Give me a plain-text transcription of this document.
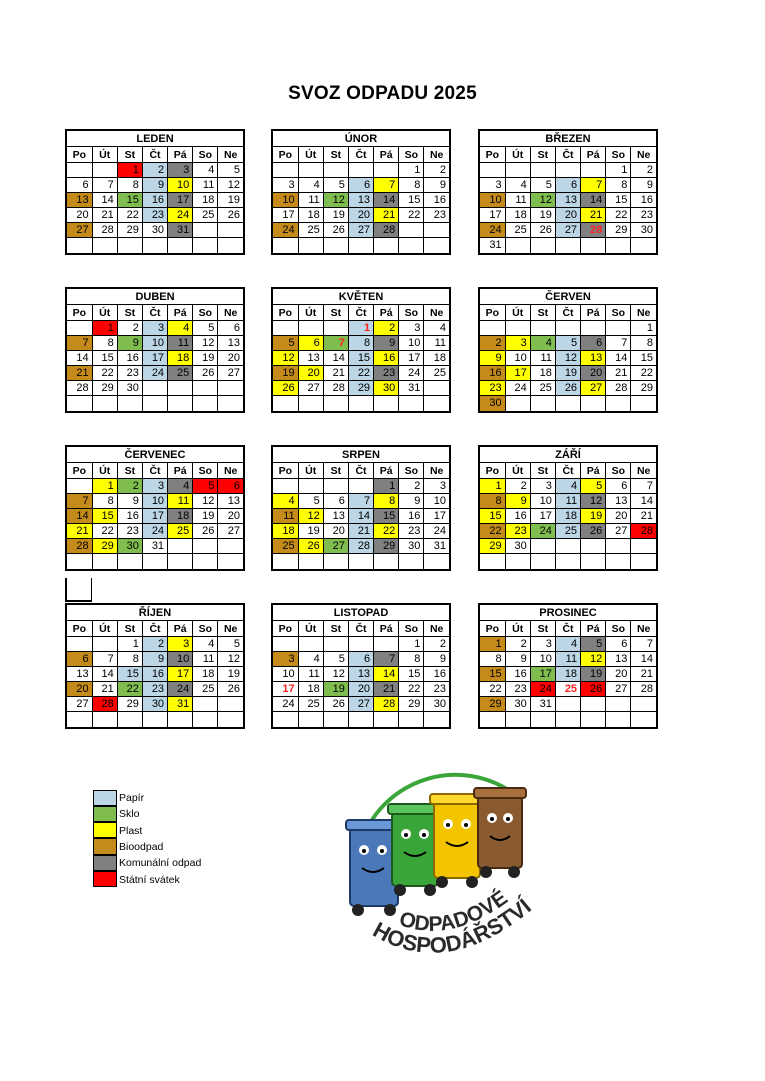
SVOZ ODPADU 2025
LEDEN
Po	Út	St	Čt	Pá	So	Ne
		1	2	3	4	5
6	7	8	9	10	11	12
13	14	15	16	17	18	19
20	21	22	23	24	25	26
27	28	29	30	31		

ÚNOR
Po	Út	St	Čt	Pá	So	Ne
					1	2
3	4	5	6	7	8	9
10	11	12	13	14	15	16
17	18	19	20	21	22	23
24	25	26	27	28		

BŘEZEN
Po	Út	St	Čt	Pá	So	Ne
					1	2
3	4	5	6	7	8	9
10	11	12	13	14	15	16
17	18	19	20	21	22	23
24	25	26	27	28	29	30
31						
DUBEN
Po	Út	St	Čt	Pá	So	Ne
	1	2	3	4	5	6
7	8	9	10	11	12	13
14	15	16	17	18	19	20
21	22	23	24	25	26	27
28	29	30				

KVĚTEN
Po	Út	St	Čt	Pá	So	Ne
			1	2	3	4
5	6	7	8	9	10	11
12	13	14	15	16	17	18
19	20	21	22	23	24	25
26	27	28	29	30	31	

ČERVEN
Po	Út	St	Čt	Pá	So	Ne
						1
2	3	4	5	6	7	8
9	10	11	12	13	14	15
16	17	18	19	20	21	22
23	24	25	26	27	28	29
30						
ČERVENEC
Po	Út	St	Čt	Pá	So	Ne
	1	2	3	4	5	6
7	8	9	10	11	12	13
14	15	16	17	18	19	20
21	22	23	24	25	26	27
28	29	30	31			

SRPEN
Po	Út	St	Čt	Pá	So	Ne
				1	2	3
4	5	6	7	8	9	10
11	12	13	14	15	16	17
18	19	20	21	22	23	24
25	26	27	28	29	30	31

ZÁŘÍ
Po	Út	St	Čt	Pá	So	Ne
1	2	3	4	5	6	7
8	9	10	11	12	13	14
15	16	17	18	19	20	21
22	23	24	25	26	27	28
29	30					

ŘÍJEN
Po	Út	St	Čt	Pá	So	Ne
		1	2	3	4	5
6	7	8	9	10	11	12
13	14	15	16	17	18	19
20	21	22	23	24	25	26
27	28	29	30	31		

LISTOPAD
Po	Út	St	Čt	Pá	So	Ne
					1	2
3	4	5	6	7	8	9
10	11	12	13	14	15	16
17	18	19	20	21	22	23
24	25	26	27	28	29	30

PROSINEC
Po	Út	St	Čt	Pá	So	Ne
1	2	3	4	5	6	7
8	9	10	11	12	13	14
15	16	17	18	19	20	21
22	23	24	25	26	27	28
29	30	31				

Papír
Sklo
Plast
Bioodpad
Komunální odpad
Státní svátek
ODPADOVÉ
HOSPODÁŘSTVÍ
